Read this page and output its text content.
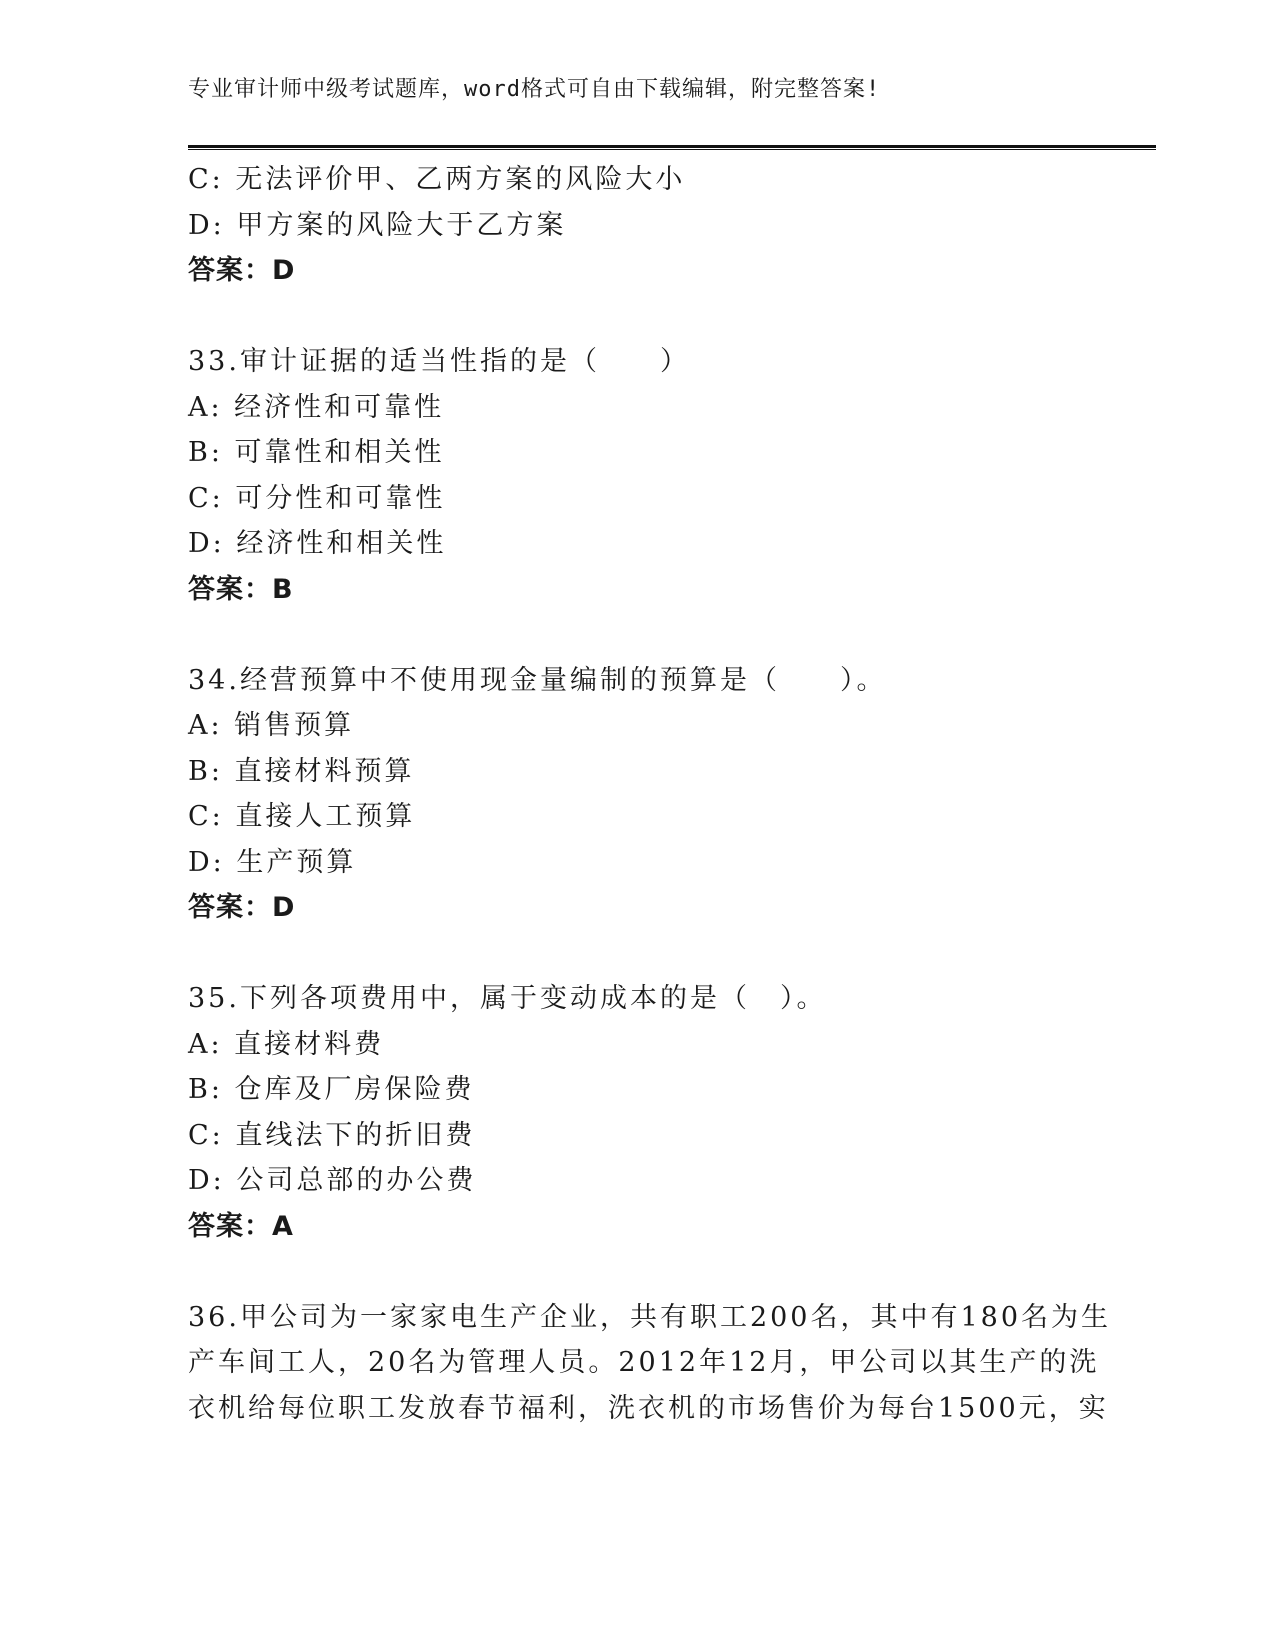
专业审计师中级考试题库，word格式可自由下载编辑，附完整答案!
C: 无法评价甲、乙两方案的风险大小
D: 甲方案的风险大于乙方案
答案：D
33.审计证据的适当性指的是（　　）
A: 经济性和可靠性
B: 可靠性和相关性
C: 可分性和可靠性
D: 经济性和相关性
答案：B
34.经营预算中不使用现金量编制的预算是（　　）。
A: 销售预算
B: 直接材料预算
C: 直接人工预算
D: 生产预算
答案：D
35.下列各项费用中，属于变动成本的是（　）。
A: 直接材料费
B: 仓库及厂房保险费
C: 直线法下的折旧费
D: 公司总部的办公费
答案：A
36.甲公司为一家家电生产企业，共有职工200名，其中有180名为生
产车间工人，20名为管理人员。2012年12月，甲公司以其生产的洗
衣机给每位职工发放春节福利，洗衣机的市场售价为每台1500元，实
